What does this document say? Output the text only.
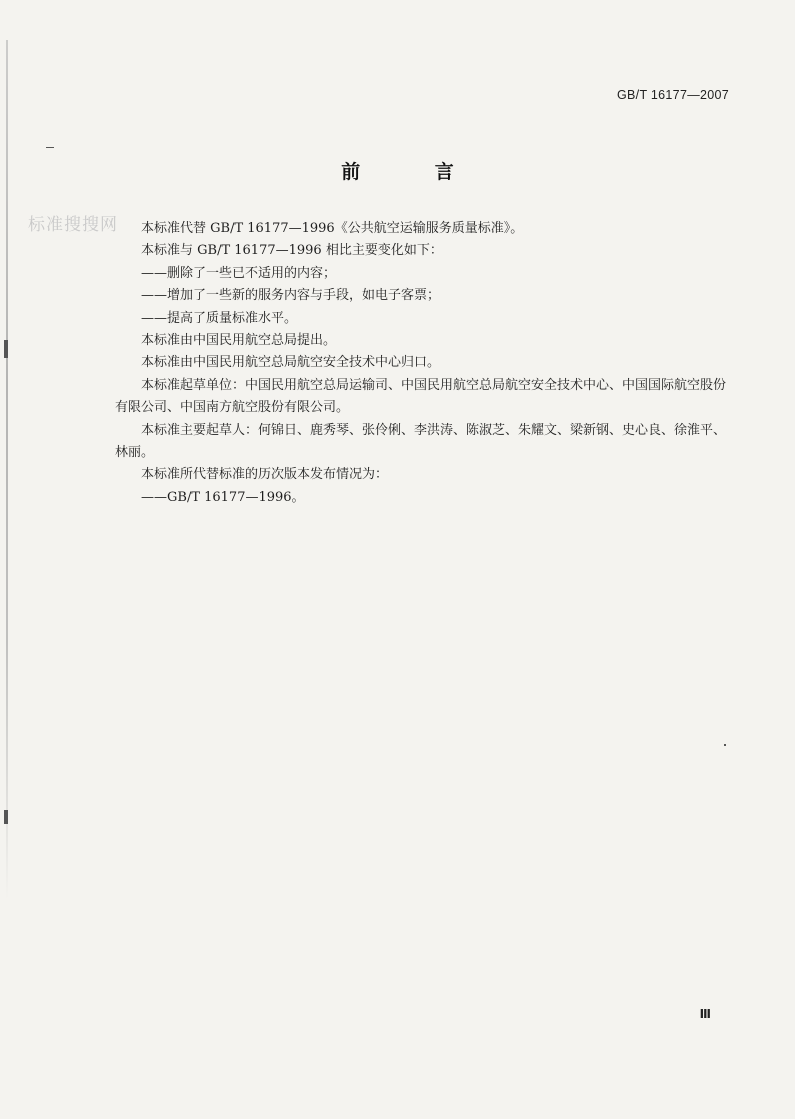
GB/T 16177—2007
前 言
标准搜搜网	本标准代替 GB/T 16177—1996《公共航空运输服务质量标准》。

本标准与 GB/T 16177—1996 相比主要变化如下：

——删除了一些已不适用的内容；

——增加了一些新的服务内容与手段，如电子客票；

——提高了质量标准水平。

本标准由中国民用航空总局提出。

本标准由中国民用航空总局航空安全技术中心归口。

本标准起草单位：中国民用航空总局运输司、中国民用航空总局航空安全技术中心、中国国际航空股份有限公司、中国南方航空股份有限公司。

本标准主要起草人：何锦日、鹿秀琴、张伶俐、李洪涛、陈淑芝、朱耀文、梁新钢、史心良、徐淮平、林丽。

本标准所代替标准的历次版本发布情况为：

——GB/T 16177—1996。

Ⅲ
